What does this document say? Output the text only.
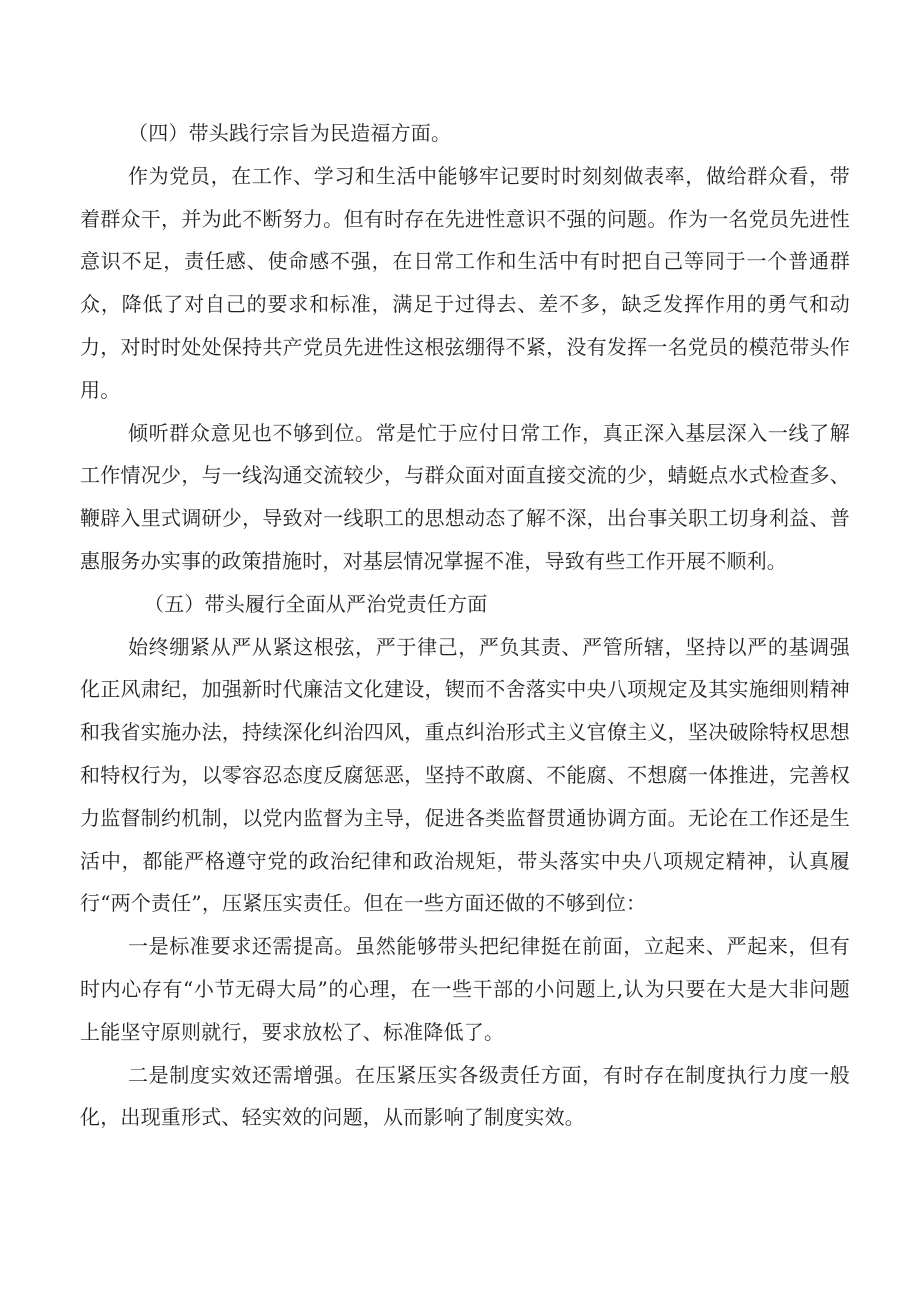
（四）带头践行宗旨为民造福方面。

作为党员，在工作、学习和生活中能够牢记要时时刻刻做表率，做给群众看，带着群众干，并为此不断努力。但有时存在先进性意识不强的问题。作为一名党员先进性意识不足，责任感、使命感不强，在日常工作和生活中有时把自己等同于一个普通群众，降低了对自己的要求和标准，满足于过得去、差不多，缺乏发挥作用的勇气和动力，对时时处处保持共产党员先进性这根弦绷得不紧，没有发挥一名党员的模范带头作用。

倾听群众意见也不够到位。常是忙于应付日常工作，真正深入基层深入一线了解工作情况少，与一线沟通交流较少，与群众面对面直接交流的少，蜻蜓点水式检查多、鞭辟入里式调研少，导致对一线职工的思想动态了解不深，出台事关职工切身利益、普惠服务办实事的政策措施时，对基层情况掌握不准，导致有些工作开展不顺利。

（五）带头履行全面从严治党责任方面

始终绷紧从严从紧这根弦，严于律己，严负其责、严管所辖，坚持以严的基调强化正风肃纪，加强新时代廉洁文化建设，锲而不舍落实中央八项规定及其实施细则精神和我省实施办法，持续深化纠治四风，重点纠治形式主义官僚主义，坚决破除特权思想和特权行为，以零容忍态度反腐惩恶，坚持不敢腐、不能腐、不想腐一体推进，完善权力监督制约机制，以党内监督为主导，促进各类监督贯通协调方面。无论在工作还是生活中，都能严格遵守党的政治纪律和政治规矩，带头落实中央八项规定精神，认真履行“两个责任”，压紧压实责任。但在一些方面还做的不够到位：

一是标准要求还需提高。虽然能够带头把纪律挺在前面，立起来、严起来，但有时内心存有“小节无碍大局”的心理，在一些干部的小问题上,认为只要在大是大非问题上能坚守原则就行，要求放松了、标准降低了。

二是制度实效还需增强。在压紧压实各级责任方面，有时存在制度执行力度一般化，出现重形式、轻实效的问题，从而影响了制度实效。
